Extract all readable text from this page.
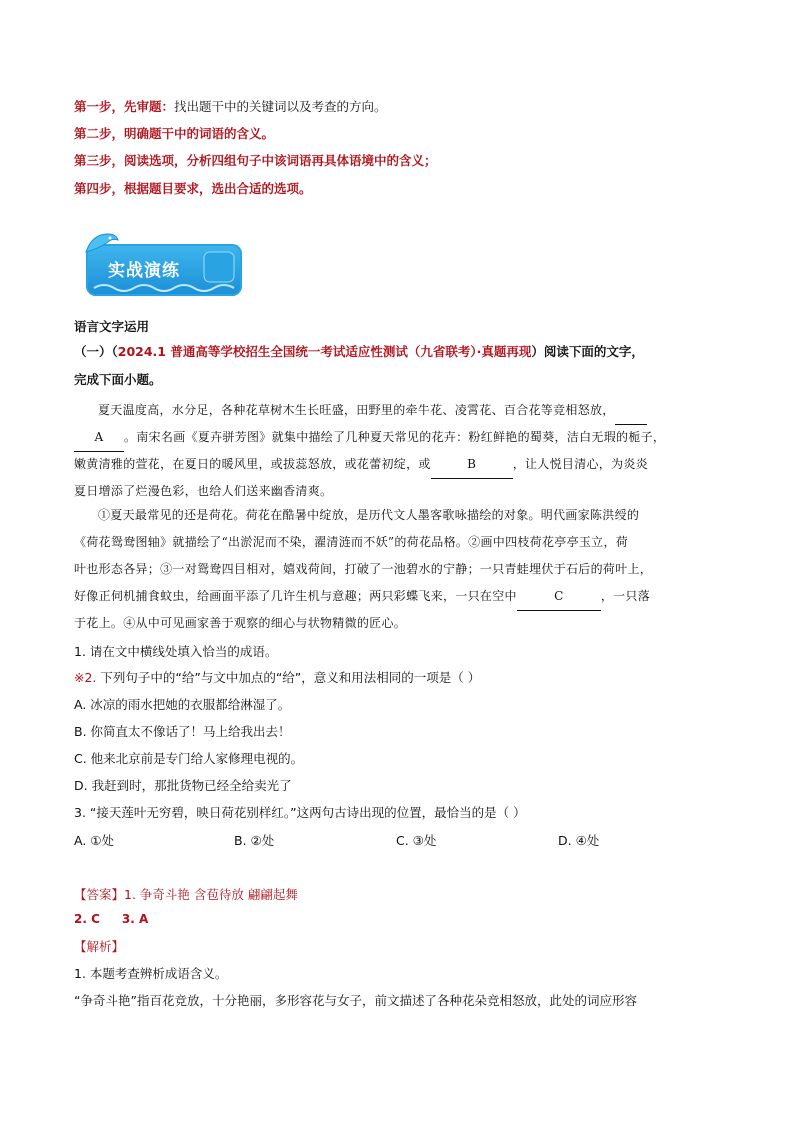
第一步，先审题：找出题干中的关键词以及考查的方向。
第二步，明确题干中的词语的含义。
第三步，阅读选项，分析四组句子中该词语再具体语境中的含义；
第四步，根据题目要求，选出合适的选项。
实战演练
语言文字运用
（一）（2024.1 普通高等学校招生全国统一考试适应性测试（九省联考）·真题再现）阅读下面的文字，
完成下面小题。
夏天温度高，水分足，各种花草树木生长旺盛，田野里的牵牛花、凌霄花、百合花等竞相怒放，
A 。南宋名画《夏卉骈芳图》就集中描绘了几种夏天常见的花卉：粉红鲜艳的蜀葵，洁白无瑕的栀子，
嫩黄清雅的萱花，在夏日的暖风里，或拔蕊怒放，或花蕾初绽，或	B	，让人悦目清心，为炎炎
夏日增添了烂漫色彩，也给人们送来幽香清爽。
①夏天最常见的还是荷花。荷花在酷暑中绽放，是历代文人墨客歌咏描绘的对象。明代画家陈洪绶的
《荷花鸳鸯图轴》就描绘了“出淤泥而不染，濯清涟而不妖”的荷花品格。②画中四枝荷花亭亭玉立，荷
叶也形态各异；③一对鸳鸯四目相对，嬉戏荷间，打破了一池碧水的宁静；一只青蛙埋伏于石后的荷叶上，
好像正伺机捕食蚊虫，给画面平添了几许生机与意趣；两只彩蝶飞来，一只在空中	C	，一只落
于花上。④从中可见画家善于观察的细心与状物精微的匠心。
1. 请在文中横线处填入恰当的成语。
※2. 下列句子中的“给”与文中加点的“给”，意义和用法相同的一项是（ ）
A. 冰凉的雨水把她的衣服都给淋湿了。
B. 你简直太不像话了！马上给我出去！
C. 他来北京前是专门给人家修理电视的。
D. 我赶到时，那批货物已经全给卖光了
3. “接天莲叶无穷碧，映日荷花别样红。”这两句古诗出现的位置，最恰当的是（ ）
A. ①处	B. ②处	C. ③处	D. ④处
【答案】1. 争奇斗艳 含苞待放 翩翩起舞
2. C 3. A
【解析】
1. 本题考查辨析成语含义。
“争奇斗艳”指百花竞放，十分艳丽，多形容花与女子，前文描述了各种花朵竞相怒放，此处的词应形容
